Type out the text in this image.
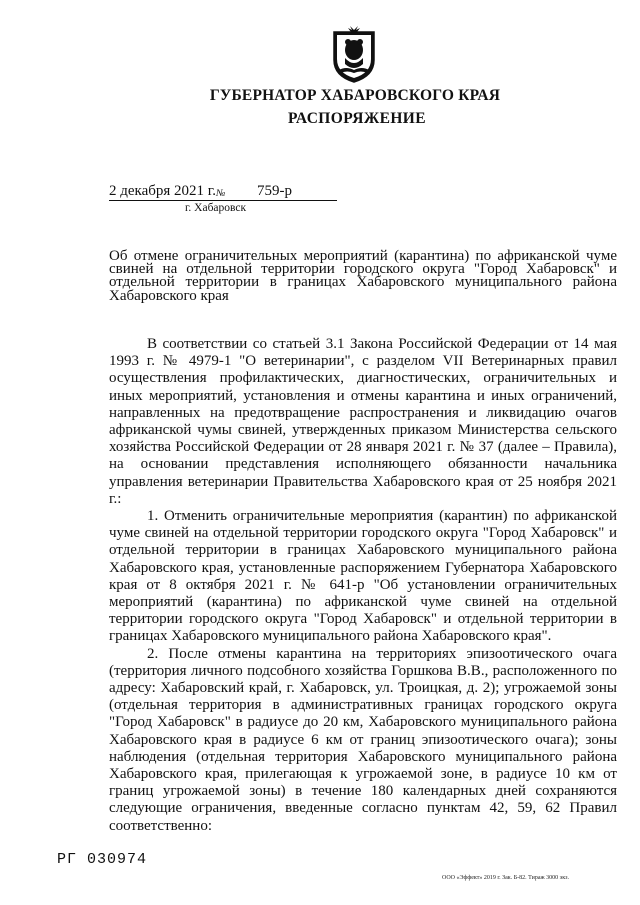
ГУБЕРНАТОР ХАБАРОВСКОГО КРАЯ
РАСПОРЯЖЕНИЕ
2 декабря 2021 г. № 759-р
г. Хабаровск
Об отмене ограничительных мероприятий (карантина) по африканской чуме свиней на отдельной территории городского округа "Город Хабаровск" и отдельной территории в границах Хабаровского муниципального района Хабаровского края

В соответствии со статьей 3.1 Закона Российской Федерации от 14 мая 1993 г. № 4979-1 "О ветеринарии", с разделом VII Ветеринарных правил осуществления профилактических, диагностических, ограничительных и иных мероприятий, установления и отмены карантина и иных ограничений, направленных на предотвращение распространения и ликвидацию очагов африканской чумы свиней, утвержденных приказом Министерства сельского хозяйства Российской Федерации от 28 января 2021 г. № 37 (далее – Правила), на основании представления исполняющего обязанности начальника управления ветеринарии Правительства Хабаровского края от 25 ноября 2021 г.:

1. Отменить ограничительные мероприятия (карантин) по африканской чуме свиней на отдельной территории городского округа "Город Хабаровск" и отдельной территории в границах Хабаровского муниципального района Хабаровского края, установленные распоряжением Губернатора Хабаровского края от 8 октября 2021 г. № 641-р "Об установлении ограничительных мероприятий (карантина) по африканской чуме свиней на отдельной территории городского округа "Город Хабаровск" и отдельной территории в границах Хабаровского муниципального района Хабаровского края".

2. После отмены карантина на территориях эпизоотического очага (территория личного подсобного хозяйства Горшкова В.В., расположенного по адресу: Хабаровский край, г. Хабаровск, ул. Троицкая, д. 2); угрожаемой зоны (отдельная территория в административных границах городского округа "Город Хабаровск" в радиусе до 20 км, Хабаровского муниципального района Хабаровского края в радиусе 6 км от границ эпизоотического очага); зоны наблюдения (отдельная территория Хабаровского муниципального района Хабаровского края, прилегающая к угрожаемой зоне, в радиусе 10 км от границ угрожаемой зоны) в течение 180 календарных дней сохраняются следующие ограничения, введенные согласно пунктам 42, 59, 62 Правил соответственно:

РГ 030974
ООО «Эффект» 2019 г. Зак. Б-82. Тираж 3000 экз.
